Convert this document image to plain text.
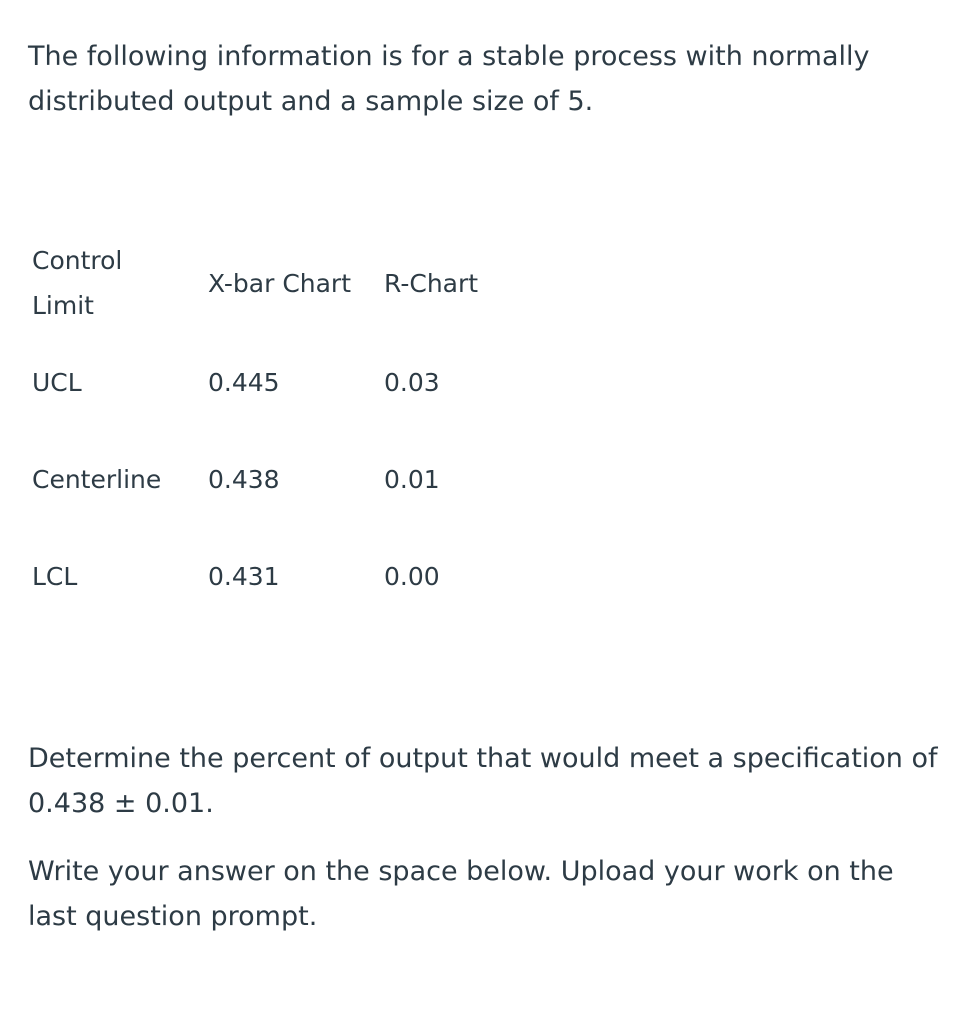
The following information is for a stable process with normally distributed output and a sample size of 5.

Control Limit	X-bar Chart	R-Chart
UCL	0.445	0.03
Centerline	0.438	0.01
LCL	0.431	0.00

Determine the percent of output that would meet a specification of 0.438 ± 0.01.

Write your answer on the space below. Upload your work on the last question prompt.
